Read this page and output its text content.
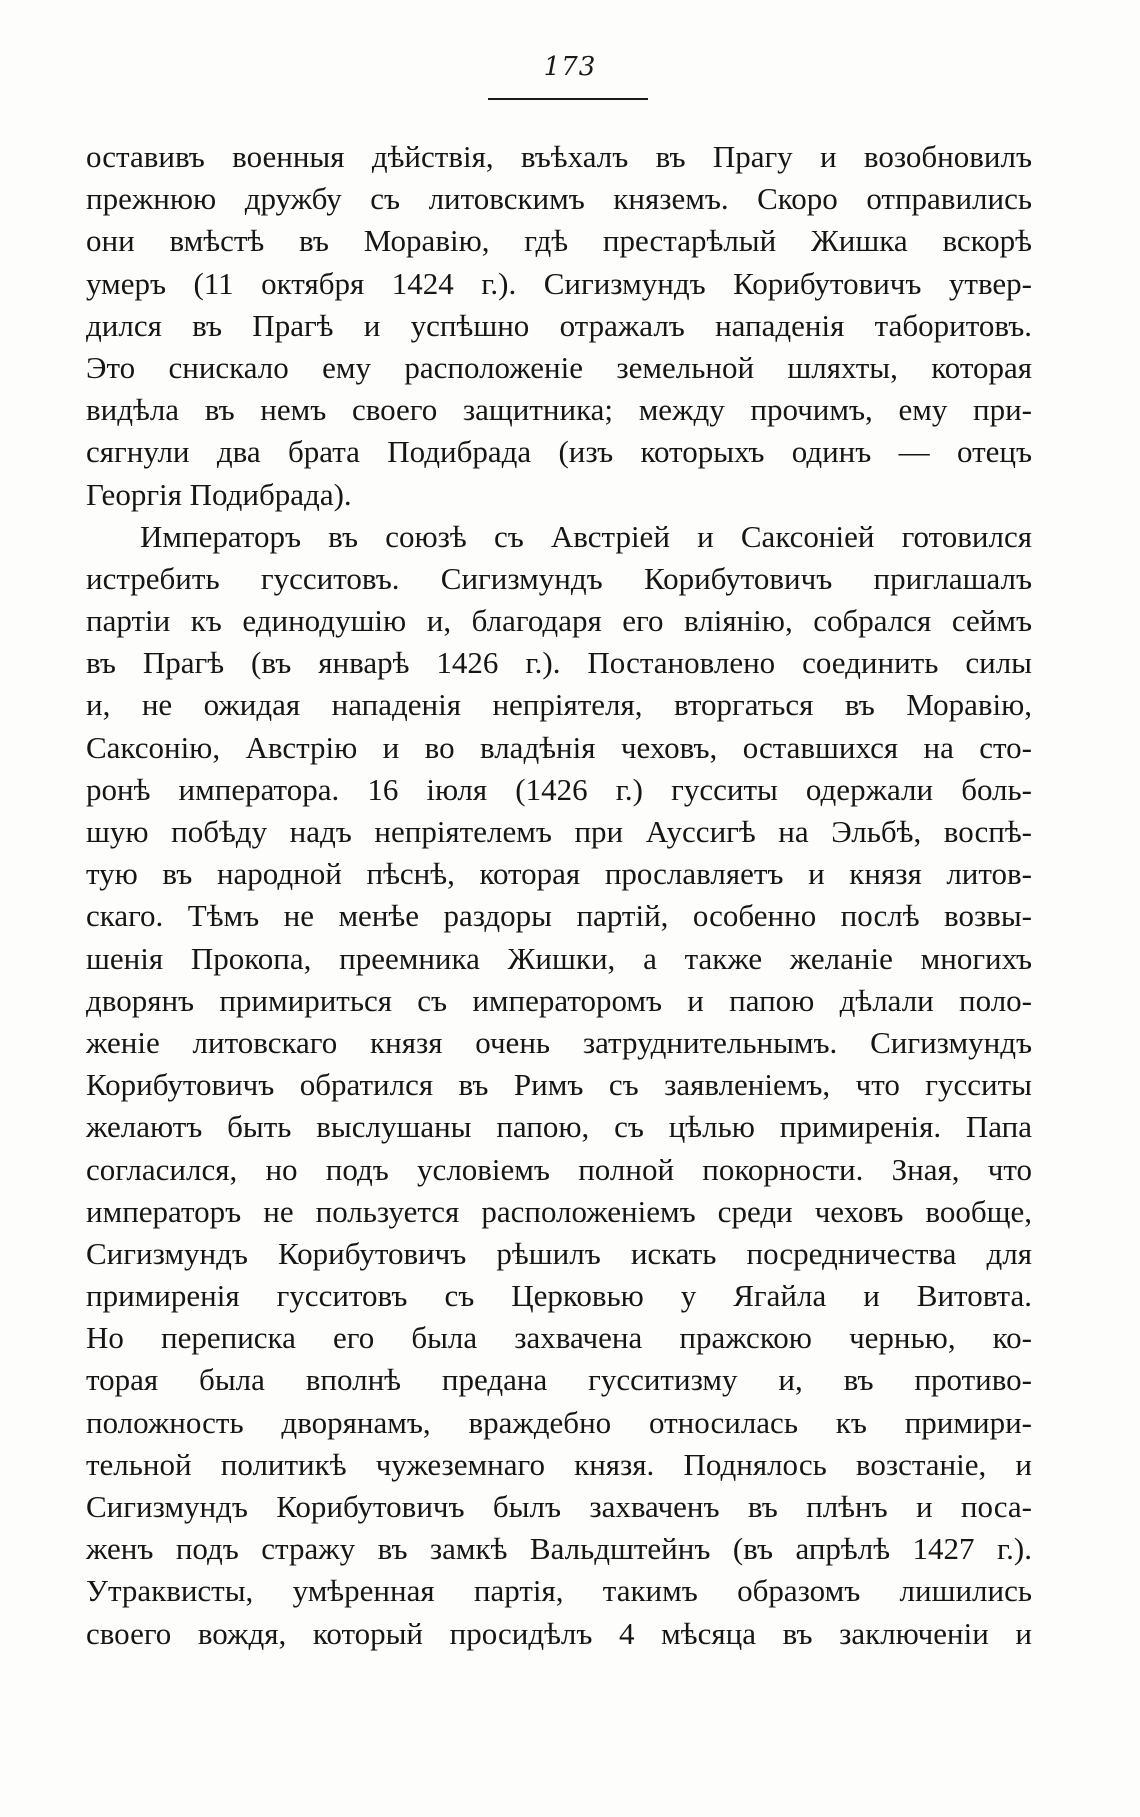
173
оставивъ военныя дѣйствія, въѣхалъ въ Прагу и возобновилъ
прежнюю дружбу съ литовскимъ княземъ. Скоро отправились
они вмѣстѣ въ Моравію, гдѣ престарѣлый Жишка вскорѣ
умеръ (11 октября 1424 г.). Сигизмундъ Корибутовичъ утвер-
дился въ Прагѣ и успѣшно отражалъ нападенія таборитовъ.
Это снискало ему расположеніе земельной шляхты, которая
видѣла въ немъ своего защитника; между прочимъ, ему при-
сягнули два брата Подибрада (изъ которыхъ одинъ — отецъ
Георгія Подибрада).
Императоръ въ союзѣ съ Австріей и Саксоніей готовился
истребить гусситовъ. Сигизмундъ Корибутовичъ приглашалъ
партіи къ единодушію и, благодаря его вліянію, собрался сеймъ
въ Прагѣ (въ январѣ 1426 г.). Постановлено соединить силы
и, не ожидая нападенія непріятеля, вторгаться въ Моравію,
Саксонію, Австрію и во владѣнія чеховъ, оставшихся на сто-
ронѣ императора. 16 іюля (1426 г.) гусситы одержали боль-
шую побѣду надъ непріятелемъ при Ауссигѣ на Эльбѣ, воспѣ-
тую въ народной пѣснѣ, которая прославляетъ и князя литов-
скаго. Тѣмъ не менѣе раздоры партій, особенно послѣ возвы-
шенія Прокопа, преемника Жишки, а также желаніе многихъ
дворянъ примириться съ императоромъ и папою дѣлали поло-
женіе литовскаго князя очень затруднительнымъ. Сигизмундъ
Корибутовичъ обратился въ Римъ съ заявленіемъ, что гусситы
желаютъ быть выслушаны папою, съ цѣлью примиренія. Папа
согласился, но подъ условіемъ полной покорности. Зная, что
императоръ не пользуется расположеніемъ среди чеховъ вообще,
Сигизмундъ Корибутовичъ рѣшилъ искать посредничества для
примиренія гусситовъ съ Церковью у Ягайла и Витовта.
Но переписка его была захвачена пражскою чернью, ко-
торая была вполнѣ предана гусситизму и, въ противо-
положность дворянамъ, враждебно относилась къ примири-
тельной политикѣ чужеземнаго князя. Поднялось возстаніе, и
Сигизмундъ Корибутовичъ былъ захваченъ въ плѣнъ и поса-
женъ подъ стражу въ замкѣ Вальдштейнъ (въ апрѣлѣ 1427 г.).
Утраквисты, умѣренная партія, такимъ образомъ лишились
своего вождя, который просидѣлъ 4 мѣсяца въ заключеніи и
